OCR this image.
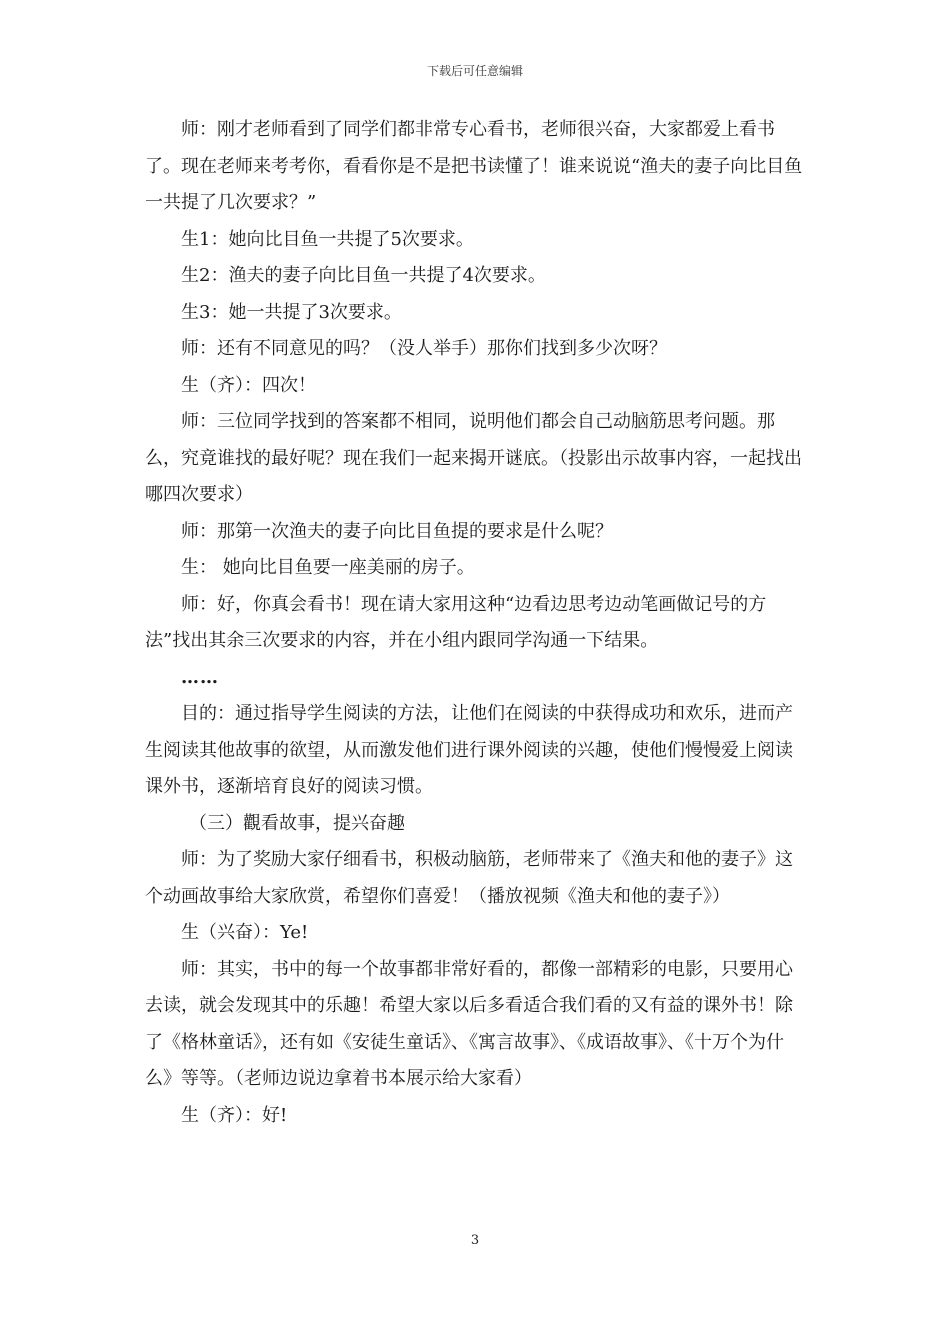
下载后可任意编辑

师：刚才老师看到了同学们都非常专心看书，老师很兴奋，大家都爱上看书了。现在老师来考考你，看看你是不是把书读懂了！谁来说说“渔夫的妻子向比目鱼一共提了几次要求？”

生1：她向比目鱼一共提了5次要求。

生2：渔夫的妻子向比目鱼一共提了4次要求。

生3：她一共提了3次要求。

师：还有不同意见的吗？（没人举手）那你们找到多少次呀？

生（齐）：四次！

师：三位同学找到的答案都不相同，说明他们都会自己动脑筋思考问题。那么，究竟谁找的最好呢？现在我们一起来揭开谜底。（投影出示故事内容，一起找出哪四次要求）

师：那第一次渔夫的妻子向比目鱼提的要求是什么呢？

生： 她向比目鱼要一座美丽的房子。

师：好，你真会看书！现在请大家用这种“边看边思考边动笔画做记号的方法”找出其余三次要求的内容，并在小组内跟同学沟通一下结果。

……

目的：通过指导学生阅读的方法，让他们在阅读的中获得成功和欢乐，进而产生阅读其他故事的欲望，从而激发他们进行课外阅读的兴趣，使他们慢慢爱上阅读课外书，逐渐培育良好的阅读习惯。

（三）觀看故事，提兴奋趣

师：为了奖励大家仔细看书，积极动脑筋，老师带来了《渔夫和他的妻子》这个动画故事给大家欣赏，希望你们喜爱！（播放视频《渔夫和他的妻子》）

生（兴奋）：Ye!

师：其实，书中的每一个故事都非常好看的，都像一部精彩的电影，只要用心去读，就会发现其中的乐趣！希望大家以后多看适合我们看的又有益的课外书！除了《格林童话》，还有如《安徒生童话》、《寓言故事》、《成语故事》、《十万个为什么》等等。（老师边说边拿着书本展示给大家看）

生（齐）：好!

3
